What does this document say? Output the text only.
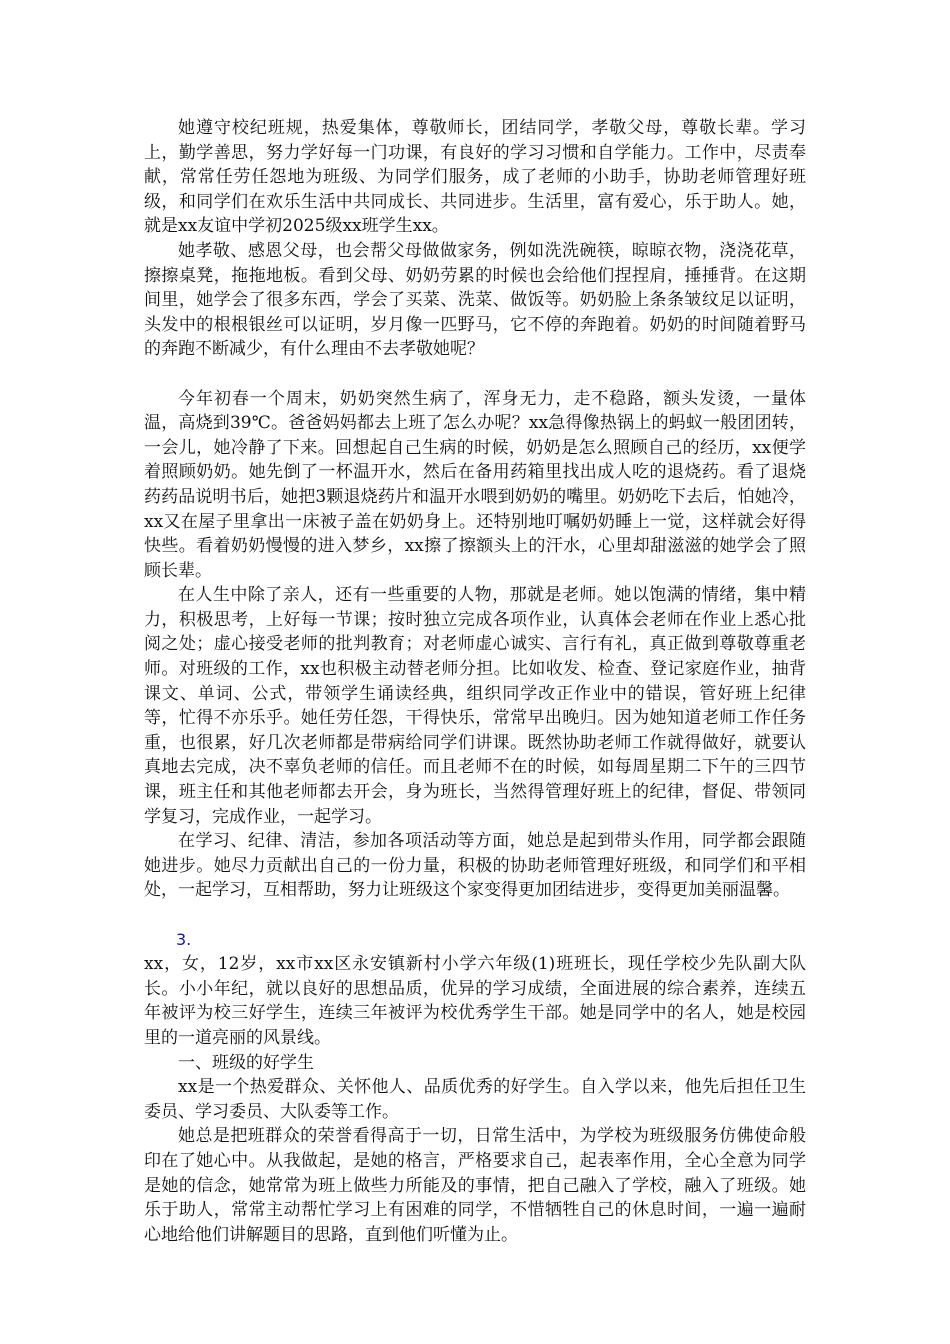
她遵守校纪班规，热爱集体，尊敬师长，团结同学，孝敬父母，尊敬长辈。学习上，勤学善思，努力学好每一门功课，有良好的学习习惯和自学能力。工作中，尽责奉献，常常任劳任怨地为班级、为同学们服务，成了老师的小助手，协助老师管理好班级，和同学们在欢乐生活中共同成长、共同进步。生活里，富有爱心，乐于助人。她，就是xx友谊中学初2025级xx班学生xx。

她孝敬、感恩父母，也会帮父母做做家务，例如洗洗碗筷，晾晾衣物，浇浇花草，擦擦桌凳，拖拖地板。看到父母、奶奶劳累的时候也会给他们捏捏肩，捶捶背。在这期间里，她学会了很多东西，学会了买菜、洗菜、做饭等。奶奶脸上条条皱纹足以证明，头发中的根根银丝可以证明，岁月像一匹野马，它不停的奔跑着。奶奶的时间随着野马的奔跑不断减少，有什么理由不去孝敬她呢？

今年初春一个周末，奶奶突然生病了，浑身无力，走不稳路，额头发烫，一量体温，高烧到39℃。爸爸妈妈都去上班了怎么办呢？xx急得像热锅上的蚂蚁一般团团转，一会儿，她冷静了下来。回想起自己生病的时候，奶奶是怎么照顾自己的经历，xx便学着照顾奶奶。她先倒了一杯温开水，然后在备用药箱里找出成人吃的退烧药。看了退烧药药品说明书后，她把3颗退烧药片和温开水喂到奶奶的嘴里。奶奶吃下去后，怕她冷，xx又在屋子里拿出一床被子盖在奶奶身上。还特别地叮嘱奶奶睡上一觉，这样就会好得快些。看着奶奶慢慢的进入梦乡，xx擦了擦额头上的汗水，心里却甜滋滋的她学会了照顾长辈。

在人生中除了亲人，还有一些重要的人物，那就是老师。她以饱满的情绪，集中精力，积极思考，上好每一节课；按时独立完成各项作业，认真体会老师在作业上悉心批阅之处；虚心接受老师的批判教育；对老师虚心诚实、言行有礼，真正做到尊敬尊重老师。对班级的工作，xx也积极主动替老师分担。比如收发、检查、登记家庭作业，抽背课文、单词、公式，带领学生诵读经典，组织同学改正作业中的错误，管好班上纪律等，忙得不亦乐乎。她任劳任怨，干得快乐，常常早出晚归。因为她知道老师工作任务重，也很累，好几次老师都是带病给同学们讲课。既然协助老师工作就得做好，就要认真地去完成，决不辜负老师的信任。而且老师不在的时候，如每周星期二下午的三四节课，班主任和其他老师都去开会，身为班长，当然得管理好班上的纪律，督促、带领同学复习，完成作业，一起学习。

在学习、纪律、清洁，参加各项活动等方面，她总是起到带头作用，同学都会跟随她进步。她尽力贡献出自己的一份力量，积极的协助老师管理好班级，和同学们和平相处，一起学习，互相帮助，努力让班级这个家变得更加团结进步，变得更加美丽温馨。

3.

xx，女，12岁，xx市xx区永安镇新村小学六年级(1)班班长，现任学校少先队副大队长。小小年纪，就以良好的思想品质，优异的学习成绩，全面进展的综合素养，连续五年被评为校三好学生，连续三年被评为校优秀学生干部。她是同学中的名人，她是校园里的一道亮丽的风景线。

一、班级的好学生

xx是一个热爱群众、关怀他人、品质优秀的好学生。自入学以来，他先后担任卫生委员、学习委员、大队委等工作。

她总是把班群众的荣誉看得高于一切，日常生活中，为学校为班级服务仿佛使命般印在了她心中。从我做起，是她的格言，严格要求自己，起表率作用，全心全意为同学是她的信念，她常常为班上做些力所能及的事情，把自己融入了学校，融入了班级。她乐于助人，常常主动帮忙学习上有困难的同学，不惜牺牲自己的休息时间，一遍一遍耐心地给他们讲解题目的思路，直到他们听懂为止。
